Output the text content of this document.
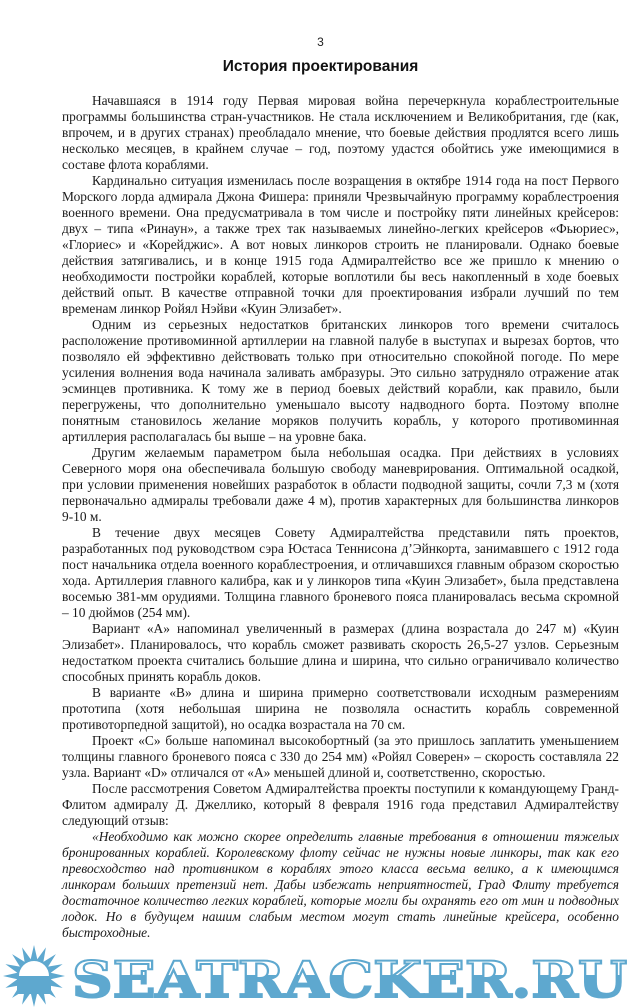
3
История проектирования

Начавшаяся в 1914 году Первая мировая война перечеркнула кораблестроительные программы большинства стран-участников. Не стала исключением и Великобритания, где (как, впрочем, и в других странах) преобладало мнение, что боевые действия продлятся всего лишь несколько месяцев, в крайнем случае – год, поэтому удастся обойтись уже имеющимися в составе флота кораблями.

Кардинально ситуация изменилась после возращения в октябре 1914 года на пост Первого Морского лорда адмирала Джона Фишера: приняли Чрезвычайную программу кораблестроения военного времени. Она предусматривала в том числе и постройку пяти линейных крейсеров: двух – типа «Ринаун», а также трех так называемых линейно-легких крейсеров «Фьюриес», «Глориес» и «Корейджис». А вот новых линкоров строить не планировали. Однако боевые действия затягивались, и в конце 1915 года Адмиралтейство все же пришло к мнению о необходимости постройки кораблей, которые воплотили бы весь накопленный в ходе боевых действий опыт. В качестве отправной точки для проектирования избрали лучший по тем временам линкор Ройял Нэйви «Куин Элизабет».

Одним из серьезных недостатков британских линкоров того времени считалось расположение противоминной артиллерии на главной палубе в выступах и вырезах бортов, что позволяло ей эффективно действовать только при относительно спокойной погоде. По мере усиления волнения вода начинала заливать амбразуры. Это сильно затрудняло отражение атак эсминцев противника. К тому же в период боевых действий корабли, как правило, были перегружены, что дополнительно уменьшало высоту надводного борта. Поэтому вполне понятным становилось желание моряков получить корабль, у которого противоминная артиллерия располагалась бы выше – на уровне бака.

Другим желаемым параметром была небольшая осадка. При действиях в условиях Северного моря она обеспечивала большую свободу маневрирования. Оптимальной осадкой, при условии применения новейших разработок в области подводной защиты, сочли 7,3 м (хотя первоначально адмиралы требовали даже 4 м), против характерных для большинства линкоров 9-10 м.

В течение двух месяцев Совету Адмиралтейства представили пять проектов, разработанных под руководством сэра Юстаса Теннисона д’Эйнкорта, занимавшего с 1912 года пост начальника отдела военного кораблестроения, и отличавшихся главным образом скоростью хода. Артиллерия главного калибра, как и у линкоров типа «Куин Элизабет», была представлена восемью 381-мм орудиями. Толщина главного броневого пояса планировалась весьма скромной – 10 дюймов (254 мм).

Вариант «А» напоминал увеличенный в размерах (длина возрастала до 247 м) «Куин Элизабет». Планировалось, что корабль сможет развивать скорость 26,5-27 узлов. Серьезным недостатком проекта считались большие длина и ширина, что сильно ограничивало количество способных принять корабль доков.

В варианте «В» длина и ширина примерно соответствовали исходным размерениям прототипа (хотя небольшая ширина не позволяла оснастить корабль современной противоторпедной защитой), но осадка возрастала на 70 см.

Проект «С» больше напоминал высокобортный (за это пришлось заплатить уменьшением толщины главного броневого пояса с 330 до 254 мм) «Ройял Соверен» – скорость составляла 22 узла. Вариант «D» отличался от «А» меньшей длиной и, соответственно, скоростью.

После рассмотрения Советом Адмиралтейства проекты поступили к командующему Гранд-Флитом адмиралу Д. Джеллико, который 8 февраля 1916 года представил Адмиралтейству следующий отзыв:

«Необходимо как можно скорее определить главные требования в отношении тяжелых бронированных кораблей. Королевскому флоту сейчас не нужны новые линкоры, так как его превосходство над противником в кораблях этого класса весьма велико, а к имеющимся линкорам больших претензий нет. Дабы избежать неприятностей, Град Флиту требуется достаточное количество легких кораблей, которые могли бы охранять его от мин и подводных лодок. Но в будущем нашим слабым местом могут стать линейные крейсера, особенно быстроходные.

SEATRACKER.RU
